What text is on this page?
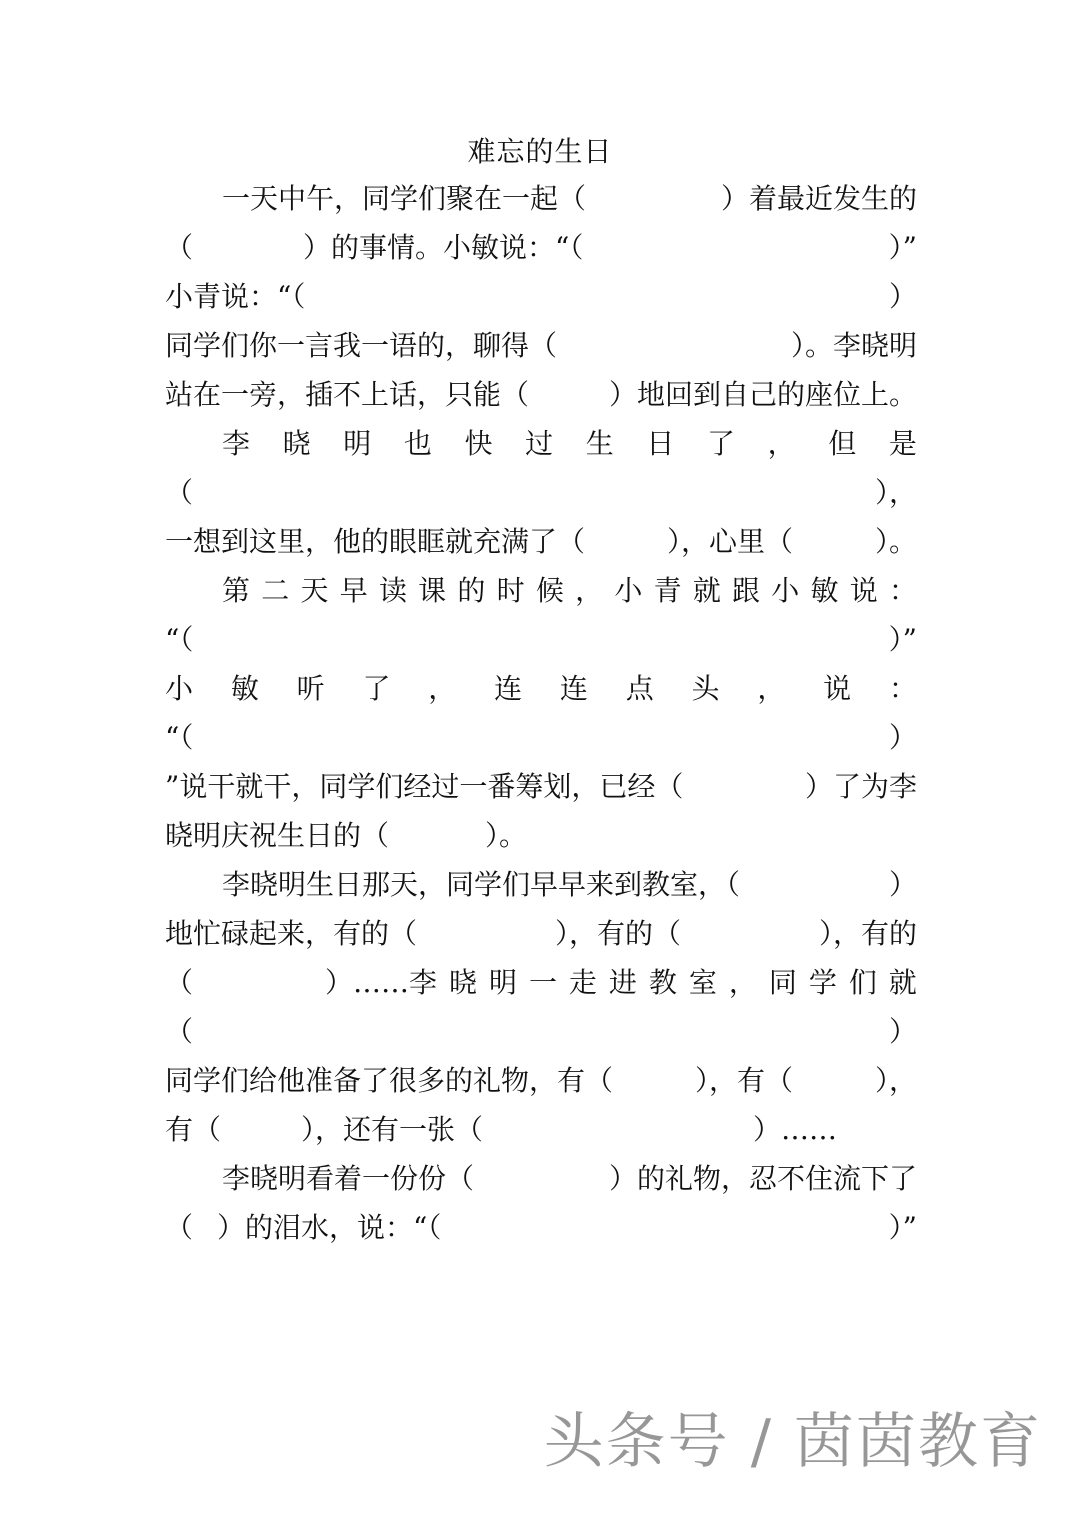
难忘的生日
一天中午，同学们聚在一起（	）着最近发生的
（	）的事情。小敏说：“（	）”
小青说：“（	）
同学们你一言我一语的，聊得（	）。李晓明
站在一旁，插不上话，只能（	）地回到自己的座位上。
李 晓 明 也 快 过 生 日 了 ， 但 是
（	），
一想到这里，他的眼眶就充满了（	），心里（	）。
第 二 天 早 读 课 的 时 候 ， 小 青 就 跟 小 敏 说 ：
“（	）”
小 敏 听 了 ， 连 连 点 头 ， 说 ：
“（	）
”说干就干，同学们经过一番筹划，已经（	）了为李
晓明庆祝生日的（	）。
李晓明生日那天，同学们早早来到教室，（	）
地忙碌起来，有的（	），有的（	），有的
（	）……李 晓 明 一 走 进 教 室 ， 同 学 们 就
（	）
同学们给他准备了很多的礼物，有（	），有（	），
有（	），还有一张（	）……
李晓明看着一份份（	）的礼物，忍不住流下了
（ ）的泪水，说：“（	）”
头条号 / 茵茵教育
